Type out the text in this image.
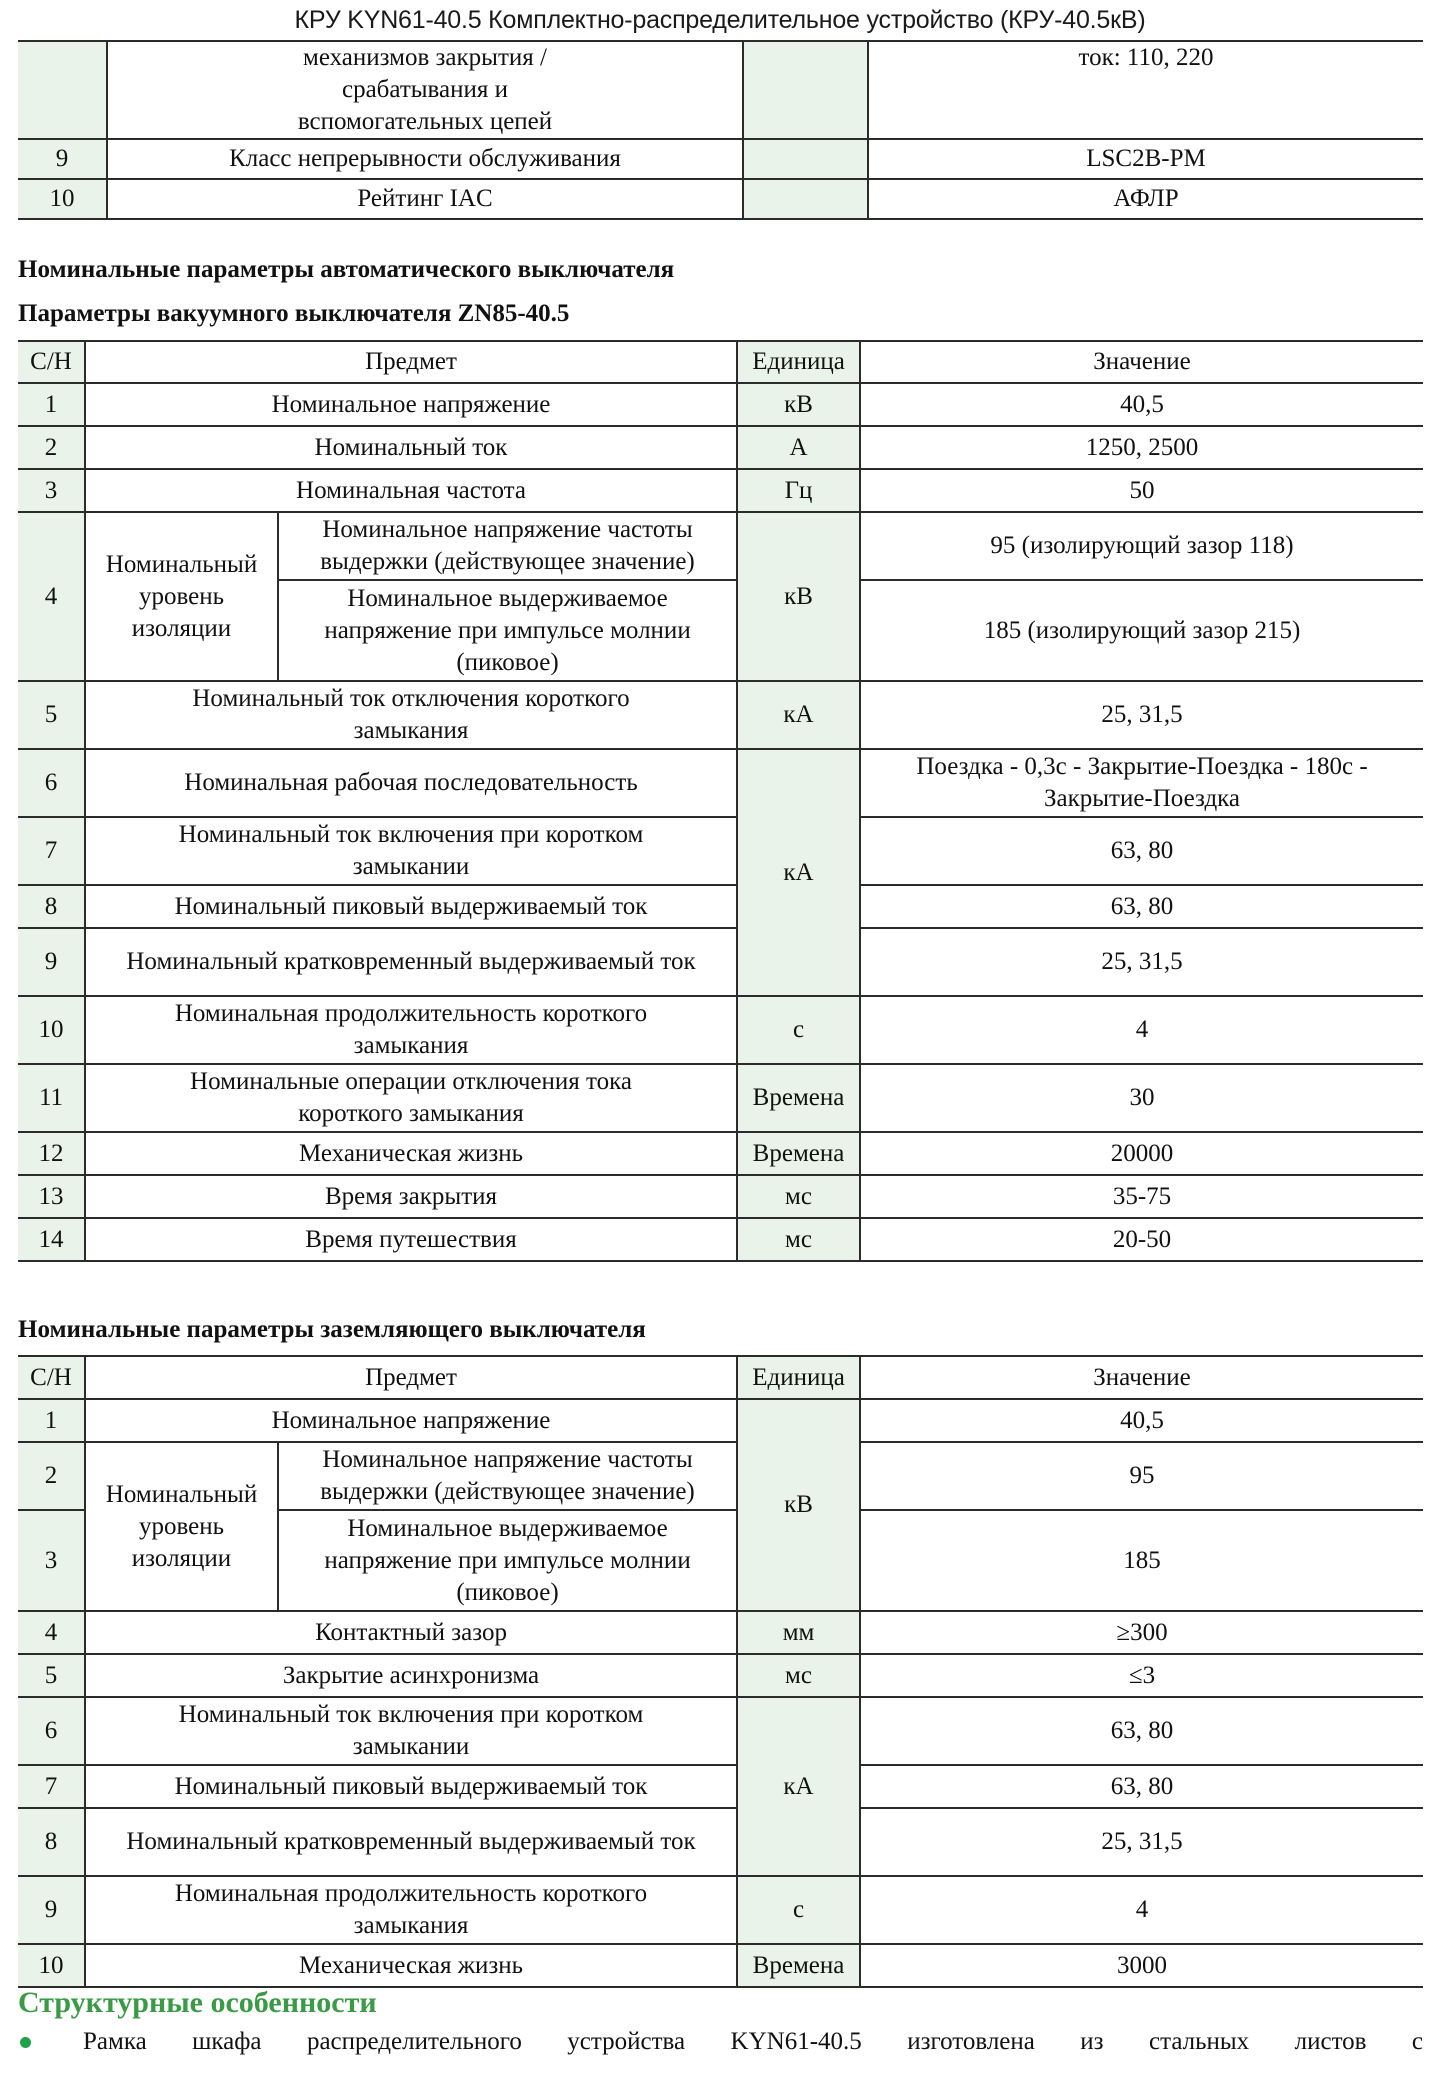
КРУ KYN61-40.5 Комплектно-распределительное устройство (КРУ-40.5кВ)
	механизмов закрытия / срабатывания и вспомогательных цепей		ток: 110, 220
9	Класс непрерывности обслуживания		LSC2B-PM
10	Рейтинг IAC		АФЛР
Номинальные параметры автоматического выключателя
Параметры вакуумного выключателя ZN85-40.5
С/Н	Предмет		Единица	Значение
1	Номинальное напряжение		кВ	40,5
2	Номинальный ток		А	1250, 2500
3	Номинальная частота		Гц	50
4	Номинальный уровень изоляции	Номинальное напряжение частоты выдержки (действующее значение)	кВ	95 (изолирующий зазор 118)
		Номинальное выдерживаемое напряжение при импульсе молнии (пиковое)		185 (изолирующий зазор 215)
5	Номинальный ток отключения короткого замыкания		кА	25, 31,5
6	Номинальная рабочая последовательность		кА	Поездка - 0,3с - Закрытие-Поездка - 180с - Закрытие-Поездка
7	Номинальный ток включения при коротком замыкании			63, 80
8	Номинальный пиковый выдерживаемый ток			63, 80
9	Номинальный кратковременный выдерживаемый ток			25, 31,5
10	Номинальная продолжительность короткого замыкания		с	4
11	Номинальные операции отключения тока короткого замыкания		Времена	30
12	Механическая жизнь		Времена	20000
13	Время закрытия		мс	35-75
14	Время путешествия		мс	20-50
Номинальные параметры заземляющего выключателя
С/Н	Предмет		Единица	Значение
1	Номинальное напряжение		кВ	40,5
2	Номинальный уровень изоляции	Номинальное напряжение частоты выдержки (действующее значение)		95
3		Номинальное выдерживаемое напряжение при импульсе молнии (пиковое)		185
4	Контактный зазор		мм	≥300
5	Закрытие асинхронизма		мс	≤3
6	Номинальный ток включения при коротком замыкании		кА	63, 80
7	Номинальный пиковый выдерживаемый ток			63, 80
8	Номинальный кратковременный выдерживаемый ток			25, 31,5
9	Номинальная продолжительность короткого замыкания		с	4
10	Механическая жизнь		Времена	3000
Структурные особенности
Рамка шкафа распределительного устройства KYN61-40.5 изготовлена из стальных листов с
